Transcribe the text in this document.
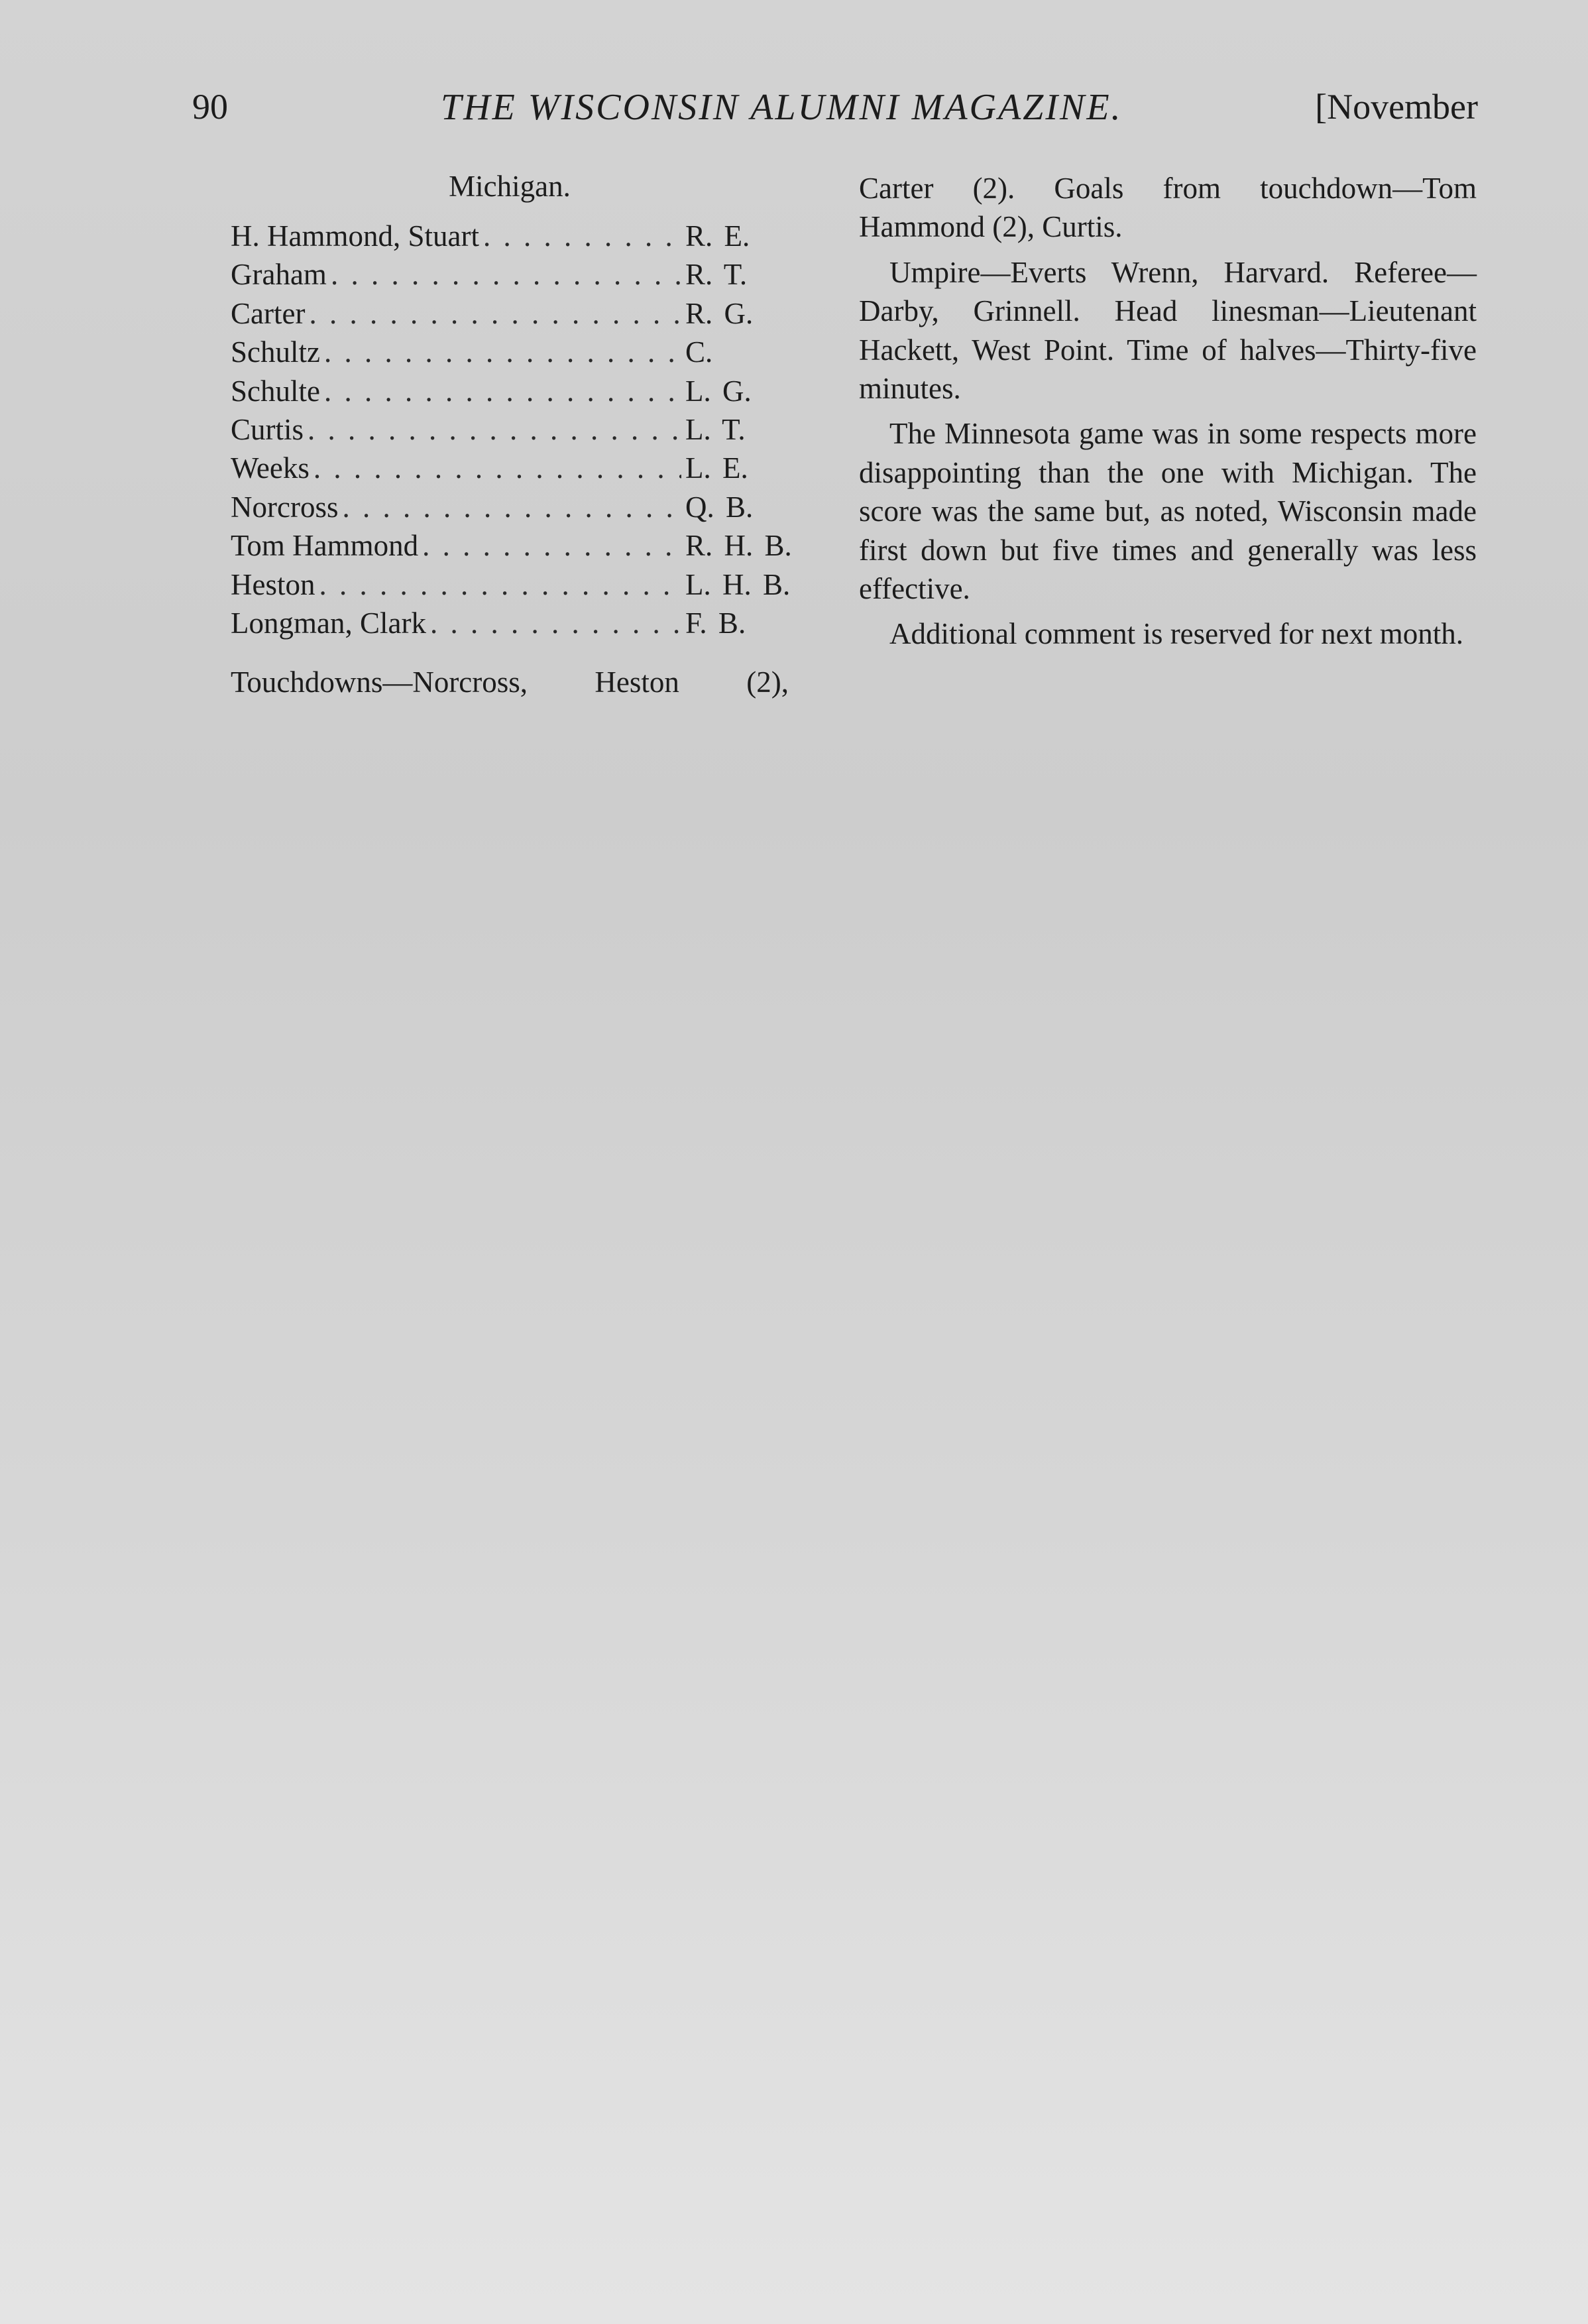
90	THE WISCONSIN ALUMNI MAGAZINE.	[November
Michigan.
H. Hammond, Stuart . . .	R. E.
Graham . . .	R. T.
Carter . . .	R. G.
Schultz . . .	C.
Schulte . . .	L. G.
Curtis . . .	L. T.
Weeks . . .	L. E.
Norcross . . .	Q. B.
Tom Hammond . . .	R. H. B.
Heston . . .	L. H. B.
Longman, Clark . . .	F. B.
Touchdowns—Norcross, Heston (2),

Carter (2). Goals from touchdown—Tom Hammond (2), Curtis.

Umpire—Everts Wrenn, Harvard. Referee—Darby, Grinnell. Head linesman—Lieutenant Hackett, West Point. Time of halves—Thirty-five minutes.

The Minnesota game was in some respects more disappointing than the one with Michigan. The score was the same but, as noted, Wisconsin made first down but five times and generally was less effective.

Additional comment is reserved for next month.
